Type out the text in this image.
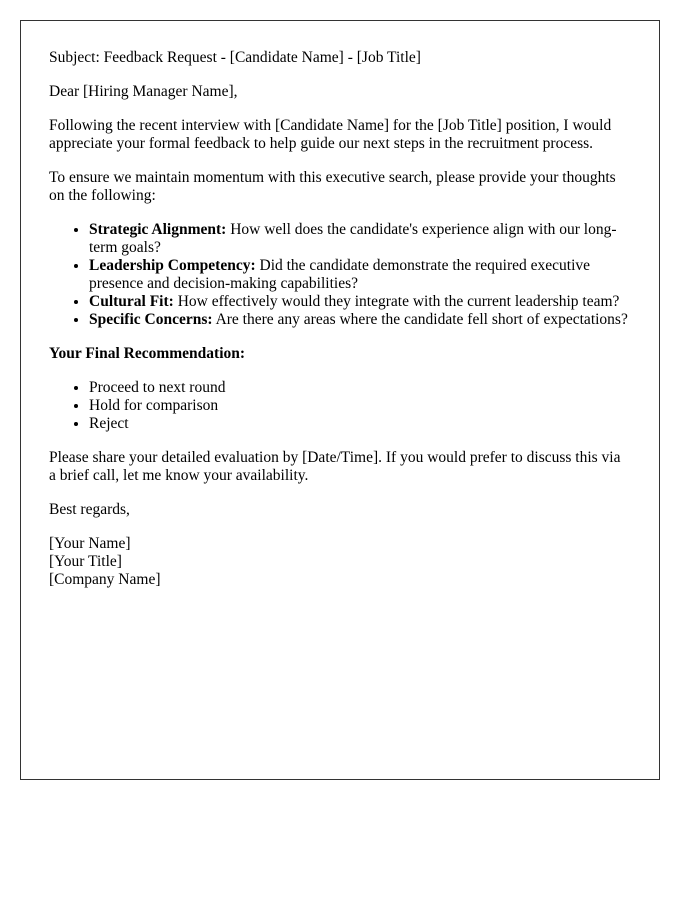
Subject: Feedback Request - [Candidate Name] - [Job Title]

Dear [Hiring Manager Name],

Following the recent interview with [Candidate Name] for the [Job Title] position, I would appreciate your formal feedback to help guide our next steps in the recruitment process.

To ensure we maintain momentum with this executive search, please provide your thoughts on the following:

• Strategic Alignment: How well does the candidate's experience align with our long-term goals?
• Leadership Competency: Did the candidate demonstrate the required executive presence and decision-making capabilities?
• Cultural Fit: How effectively would they integrate with the current leadership team?
• Specific Concerns: Are there any areas where the candidate fell short of expectations?

Your Final Recommendation:

• Proceed to next round
• Hold for comparison
• Reject

Please share your detailed evaluation by [Date/Time]. If you would prefer to discuss this via a brief call, let me know your availability.

Best regards,

[Your Name]
[Your Title]
[Company Name]
